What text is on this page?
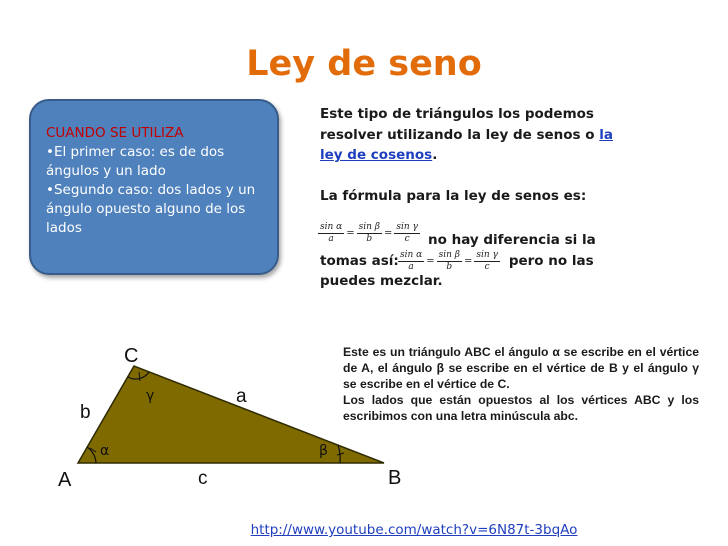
Ley de seno
CUANDO SE UTILIZA
•El primer caso: es de dos ángulos y un lado
•Segundo caso: dos lados y un ángulo opuesto alguno de los lados
Este tipo de triángulos los podemos resolver utilizando la ley de senos o la ley de cosenos.
La fórmula para la ley de senos es:
no hay diferencia si la
tomas así:	pero no las
puedes mezclar.
$\frac{\text{sin α}}{a} = \frac{\text{sin β}}{b} = \frac{\text{sin γ}}{c}$
$\frac{\text{sin α}}{a} = \frac{\text{sin β}}{b} = \frac{\text{sin γ}}{c}$
Este es un triángulo ABC el ángulo α se escribe en el vértice de A, el ángulo β se escribe en el vértice de B y el ángulo γ se escribe en el vértice de C.
Los lados que están opuestos al los vértices ABC y los escribimos con una letra minúscula abc.
C
A	B
a
b
c
α	β
γ
http://www.youtube.com/watch?v=6N87t-3bqAo
